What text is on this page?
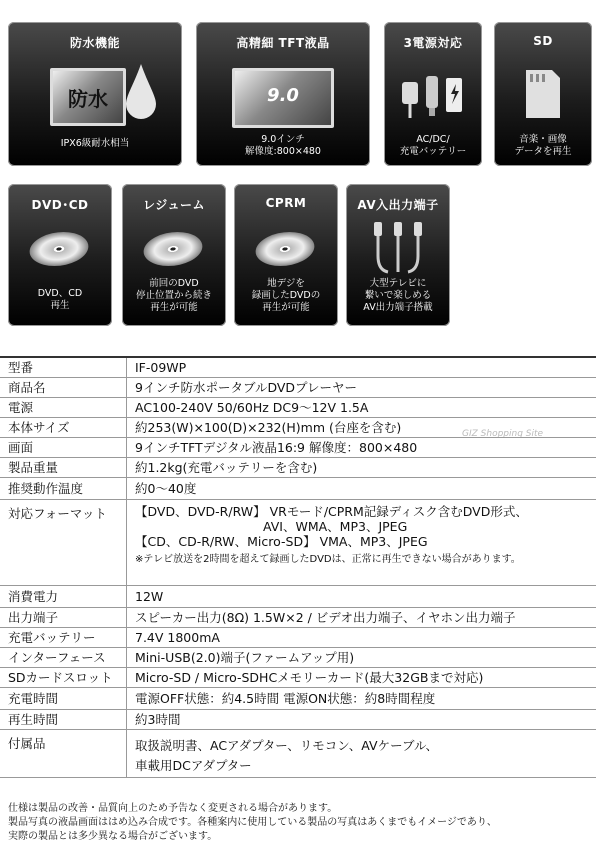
防水機能
防水
IPX6級耐水相当
高精細 TFT液晶
9.0
9.0インチ
解像度:800×480
3電源対応
AC/DC/
充電バッテリー
SD
音楽・画像
データを再生
DVD･CD
DVD、CD
再生
レジューム
前回のDVD
停止位置から続き
再生が可能
CPRM
地デジを
録画したDVDの
再生が可能
AV入出力端子
大型テレビに
繋いで楽しめる
AV出力端子搭載
GIZ Shopping Site
型番	IF-09WP
商品名	9インチ防水ポータブルDVDプレーヤー
電源	AC100-240V 50/60Hz DC9～12V 1.5A
本体サイズ	約253(W)×100(D)×232(H)mm (台座を含む)
画面	9インチTFTデジタル液晶16:9 解像度：800×480
製品重量	約1.2kg(充電バッテリーを含む)
推奨動作温度	約0～40度
対応フォーマット	【DVD、DVD-R/RW】 VRモード/CPRM記録ディスク含むDVD形式、
AVI、WMA、MP3、JPEG
【CD、CD-R/RW、Micro-SD】 VMA、MP3、JPEG
※テレビ放送を2時間を超えて録画したDVDは、正常に再生できない場合があります。

消費電力	12W
出力端子	スピーカー出力(8Ω) 1.5W×2 / ビデオ出力端子、イヤホン出力端子
充電バッテリー	7.4V 1800mA
インターフェース	Mini-USB(2.0)端子(ファームアップ用)
SDカードスロット	Micro-SD / Micro-SDHCメモリーカード(最大32GBまで対応)
充電時間	電源OFF状態：約4.5時間 電源ON状態：約8時間程度
再生時間	約3時間
付属品	取扱説明書、ACアダプター、リモコン、AVケーブル、
車載用DCアダプター
仕様は製品の改善・品質向上のため予告なく変更される場合があります。
製品写真の液晶画面ははめ込み合成です。各種案内に使用している製品の写真はあくまでもイメージであり、
実際の製品とは多少異なる場合がございます。
